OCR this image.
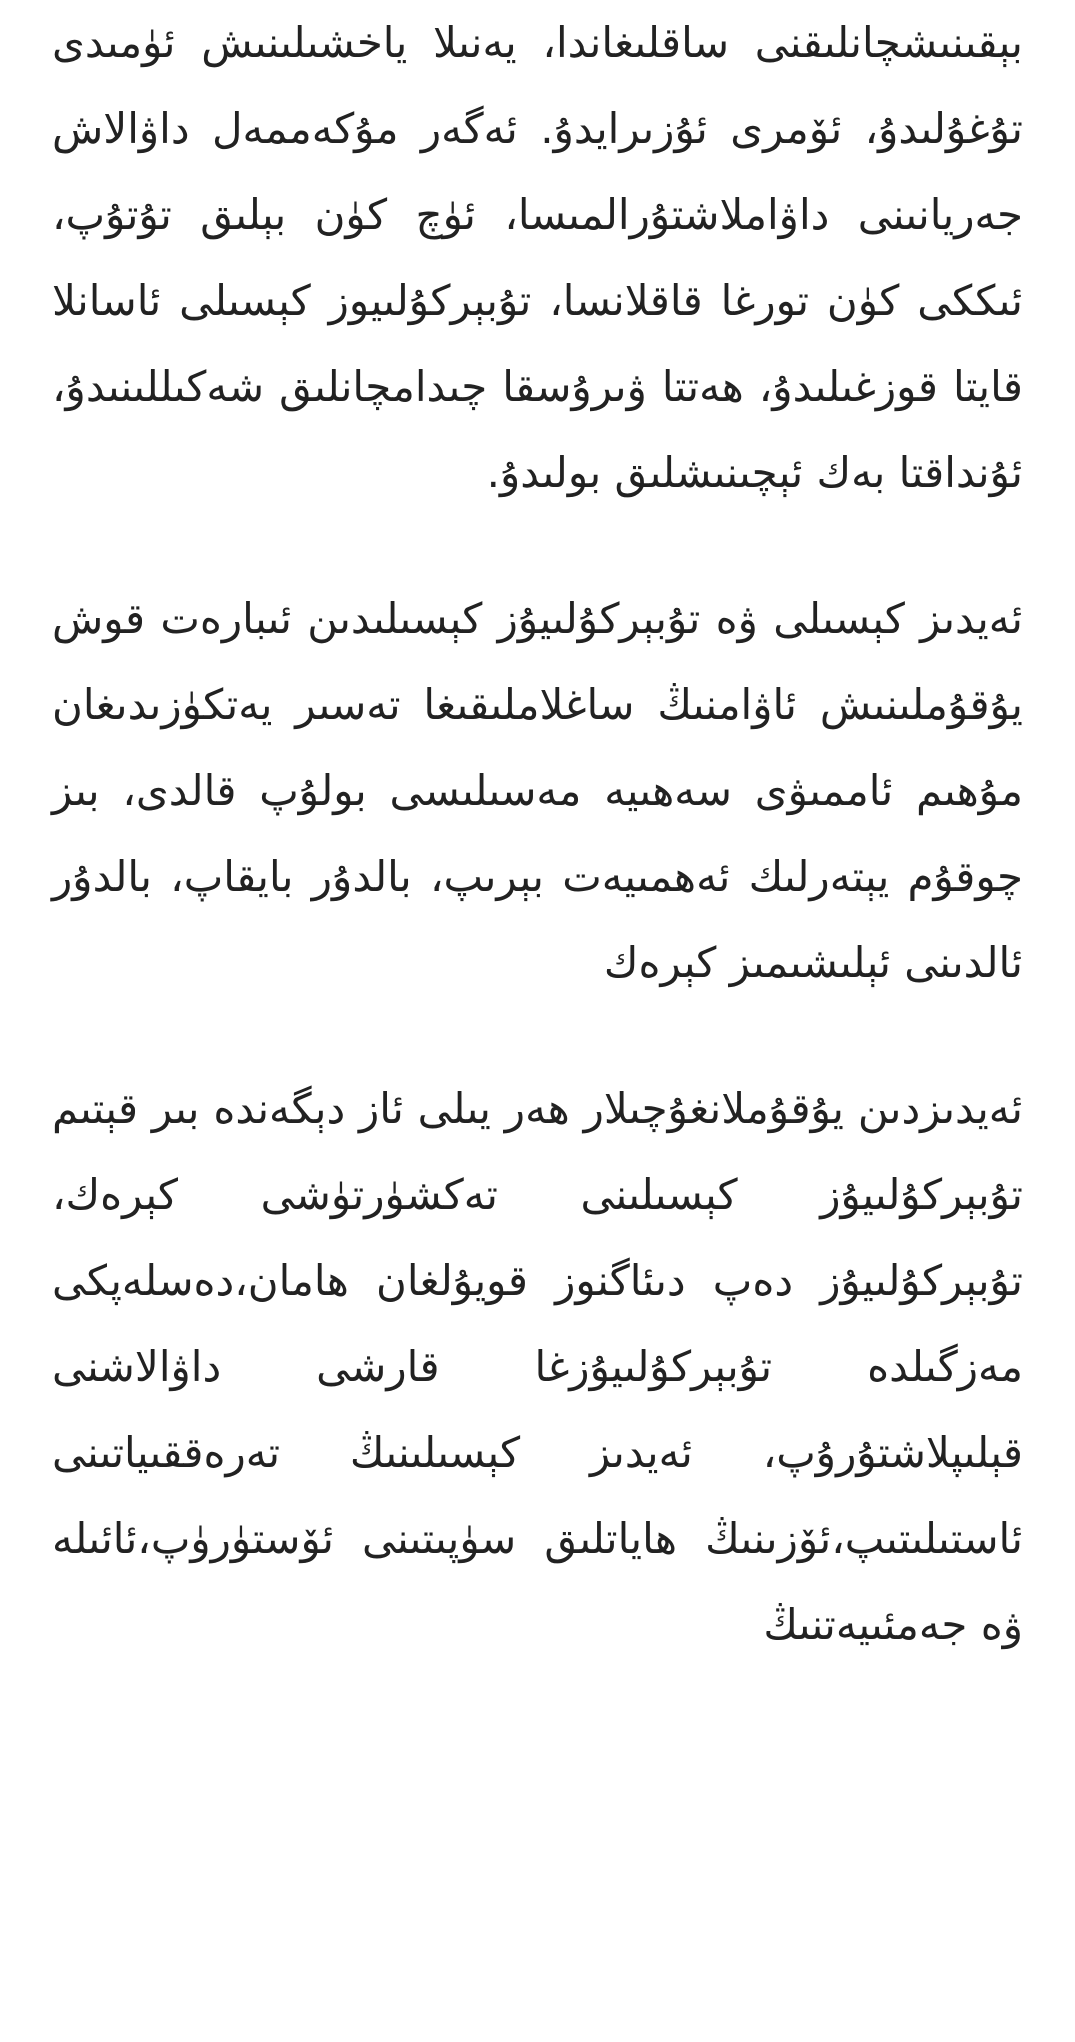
بېقىنىشچانلىقنى ساقلىغاندا، يەنىلا ياخشىلىنىش ئۈمىدى تۇغۇلىدۇ، ئۆمرى ئۇزىرايدۇ. ئەگەر مۇكەممەل داۋالاش جەريانىنى داۋاملاشتۇرالمىسا، ئۈچ كۈن بېلىق تۇتۇپ، ئىككى كۈن تورغا قاقلانسا، تۇبېركۇلىيوز كېسىلى ئاسانلا قايتا قوزغىلىدۇ، ھەتتا ۋىرۇسقا چىدامچانلىق شەكىللىنىدۇ، ئۇنداقتا بەك ئېچىنىشلىق بولىدۇ.

ئەيدىز كېسىلى ۋە تۇبېركۇلىيۇز كېسىلىدىن ئىبارەت قوش يۇقۇملىنىش ئاۋامنىڭ ساغلاملىقىغا تەسىر يەتكۈزىدىغان مۇھىم ئاممىۋى سەھىيە مەسىلىسى بولۇپ قالدى، بىز چوقۇم يېتەرلىك ئەھمىيەت بېرىپ، بالدۇر بايقاپ، بالدۇر ئالدىنى ئېلىشىمىز كېرەك

ئەيدىزدىن يۇقۇملانغۇچىلار ھەر يىلى ئاز دېگەندە بىر قېتىم تۇبېركۇلىيۇز كېسىلىنى تەكشۈرتۈشى كېرەك، تۇبېركۇلىيۇز دەپ دىئاگنوز قويۇلغان ھامان،دەسلەپكى مەزگىلدە تۇبېركۇلىيۇزغا قارشى داۋالاشنى قېلىپلاشتۇرۇپ، ئەيدىز كېسىلىنىڭ تەرەققىياتىنى ئاستىلىتىپ،ئۆزىنىڭ ھاياتلىق سۈپىتىنى ئۆستۈرۈپ،ئائىلە ۋە جەمئىيەتنىڭ
